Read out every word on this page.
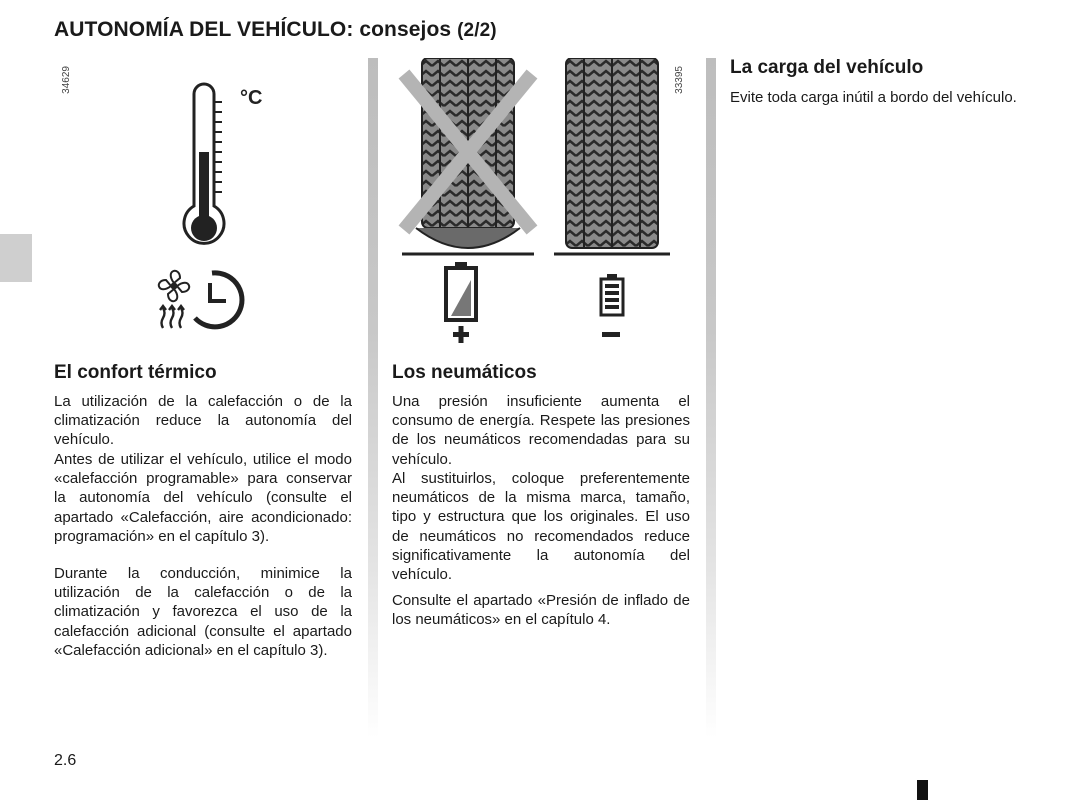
AUTONOMÍA DEL VEHÍCULO: consejos (2/2)
34629	33395
°C
El confort térmico
La utilización de la calefacción o de la climatización reduce la autonomía del vehículo.
Antes de utilizar el vehículo, utilice el modo «calefacción programable» para conservar la autonomía del vehículo (consulte el apartado «Calefacción, aire acondicionado: programación» en el capítulo 3).
Durante la conducción, minimice la utilización de la calefacción o de la climatización y favorezca el uso de la calefacción adicional (consulte el apartado «Calefacción adicional» en el capítulo 3).
Los neumáticos
Una presión insuficiente aumenta el consumo de energía. Respete las presiones de los neumáticos recomendadas para su vehículo.
Al sustituirlos, coloque preferentemente neumáticos de la misma marca, tamaño, tipo y estructura que los originales. El uso de neumáticos no recomendados reduce significativamente la autonomía del vehículo.
Consulte el apartado «Presión de inflado de los neumáticos» en el capítulo 4.
La carga del vehículo
Evite toda carga inútil a bordo del vehículo.
2.6
